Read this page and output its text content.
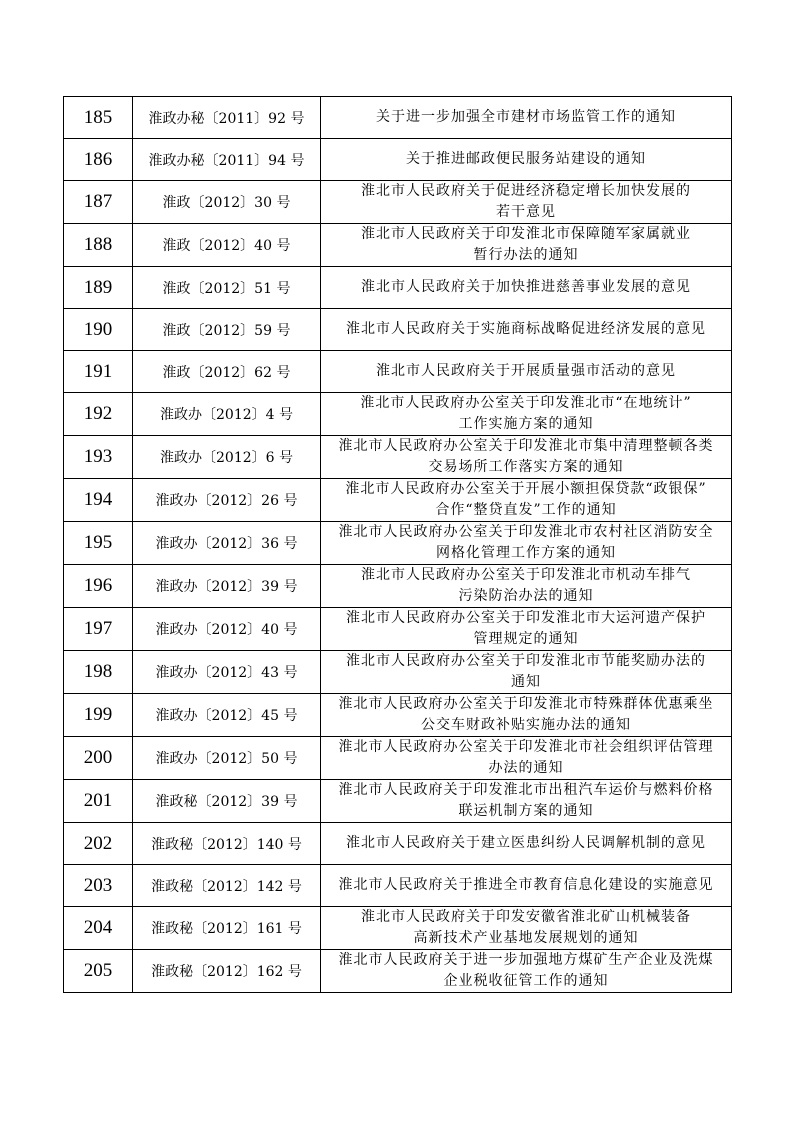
185	淮政办秘〔2011〕92 号	关于进一步加强全市建材市场监管工作的通知

186	淮政办秘〔2011〕94 号	关于推进邮政便民服务站建设的通知

187	淮政〔2012〕30 号	淮北市人民政府关于促进经济稳定增长加快发展的
若干意见

188	淮政〔2012〕40 号	淮北市人民政府关于印发淮北市保障随军家属就业
暂行办法的通知

189	淮政〔2012〕51 号	淮北市人民政府关于加快推进慈善事业发展的意见

190	淮政〔2012〕59 号	淮北市人民政府关于实施商标战略促进经济发展的意见

191	淮政〔2012〕62 号	淮北市人民政府关于开展质量强市活动的意见

192	淮政办〔2012〕4 号	淮北市人民政府办公室关于印发淮北市“在地统计”
工作实施方案的通知

193	淮政办〔2012〕6 号	淮北市人民政府办公室关于印发淮北市集中清理整顿各类
交易场所工作落实方案的通知

194	淮政办〔2012〕26 号	淮北市人民政府办公室关于开展小额担保贷款“政银保”
合作“整贷直发”工作的通知

195	淮政办〔2012〕36 号	淮北市人民政府办公室关于印发淮北市农村社区消防安全
网格化管理工作方案的通知

196	淮政办〔2012〕39 号	淮北市人民政府办公室关于印发淮北市机动车排气
污染防治办法的通知

197	淮政办〔2012〕40 号	淮北市人民政府办公室关于印发淮北市大运河遗产保护
管理规定的通知

198	淮政办〔2012〕43 号	淮北市人民政府办公室关于印发淮北市节能奖励办法的
通知

199	淮政办〔2012〕45 号	淮北市人民政府办公室关于印发淮北市特殊群体优惠乘坐
公交车财政补贴实施办法的通知

200	淮政办〔2012〕50 号	淮北市人民政府办公室关于印发淮北市社会组织评估管理
办法的通知

201	淮政秘〔2012〕39 号	淮北市人民政府关于印发淮北市出租汽车运价与燃料价格
联运机制方案的通知

202	淮政秘〔2012〕140 号	淮北市人民政府关于建立医患纠纷人民调解机制的意见

203	淮政秘〔2012〕142 号	淮北市人民政府关于推进全市教育信息化建设的实施意见

204	淮政秘〔2012〕161 号	淮北市人民政府关于印发安徽省淮北矿山机械装备
高新技术产业基地发展规划的通知

205	淮政秘〔2012〕162 号	淮北市人民政府关于进一步加强地方煤矿生产企业及洗煤
企业税收征管工作的通知
